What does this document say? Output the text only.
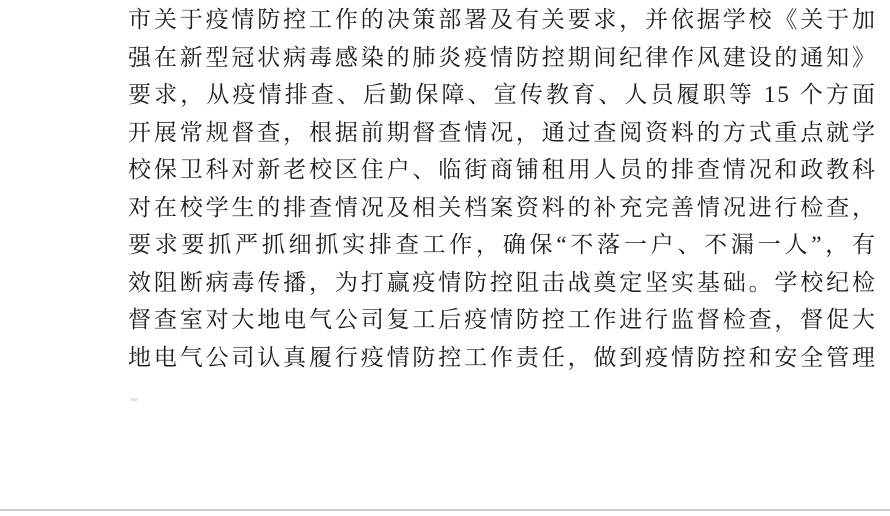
市关于疫情防控工作的决策部署及有关要求，并依据学校《关于加
强在新型冠状病毒感染的肺炎疫情防控期间纪律作风建设的通知》
要求，从疫情排查、后勤保障、宣传教育、人员履职等 15 个方面
开展常规督查，根据前期督查情况，通过查阅资料的方式重点就学
校保卫科对新老校区住户、临街商铺租用人员的排查情况和政教科
对在校学生的排查情况及相关档案资料的补充完善情况进行检查，
要求要抓严抓细抓实排查工作，确保“不落一户、不漏一人”，有
效阻断病毒传播，为打赢疫情防控阻击战奠定坚实基础。学校纪检
督查室对大地电气公司复工后疫情防控工作进行监督检查，督促大
地电气公司认真履行疫情防控工作责任，做到疫情防控和安全管理
